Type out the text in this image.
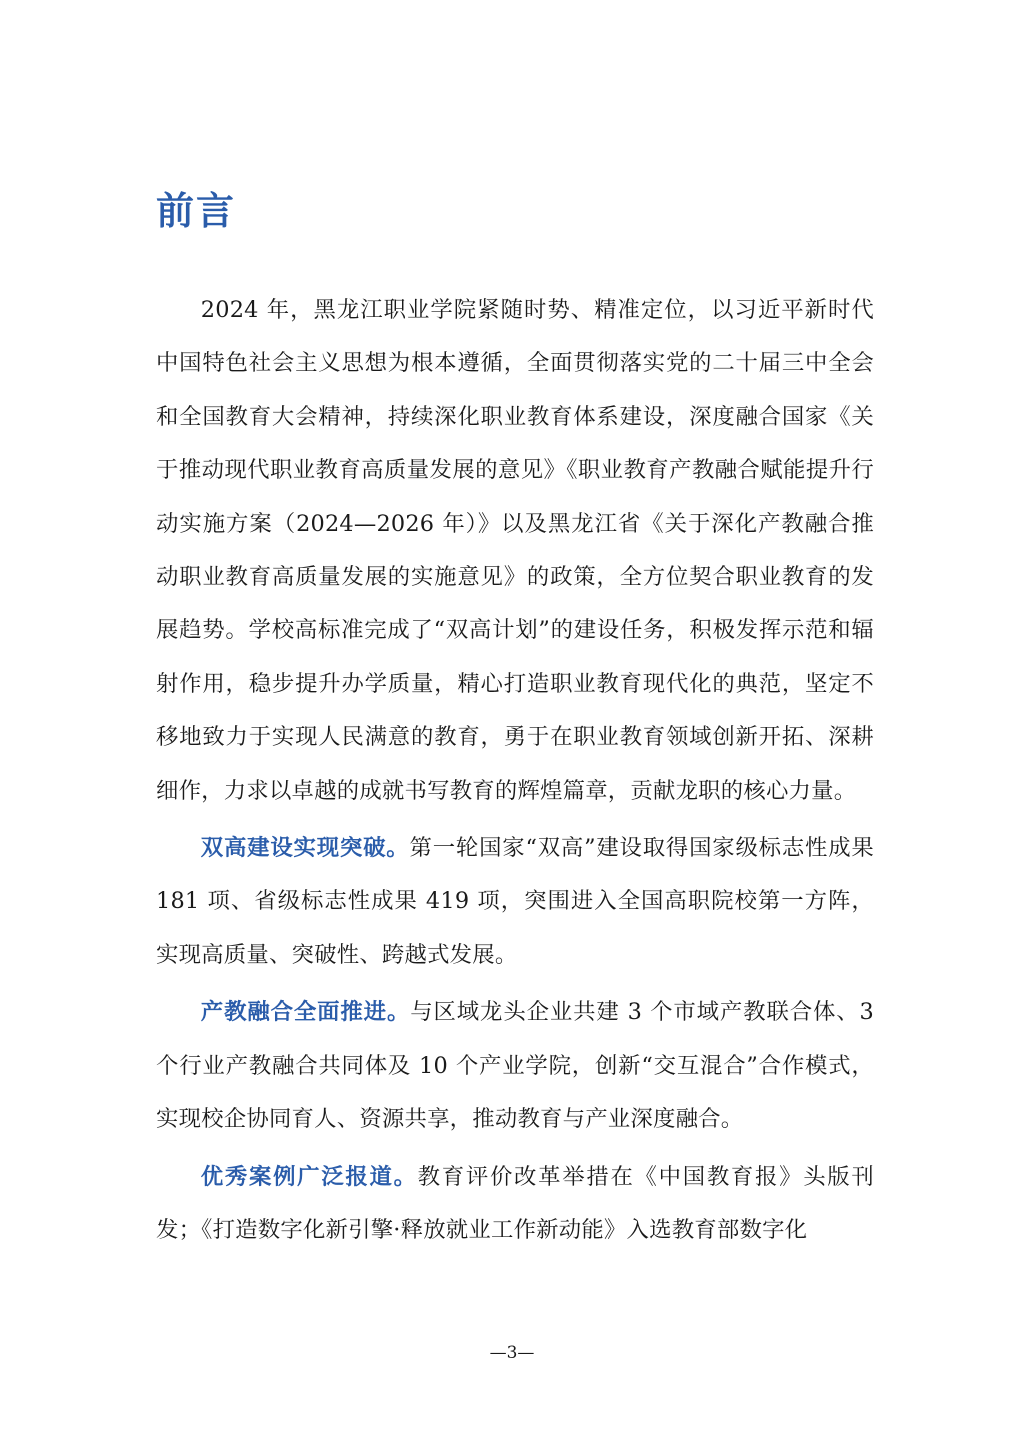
前言

2024 年，黑龙江职业学院紧随时势、精准定位，以习近平新时代中国特色社会主义思想为根本遵循，全面贯彻落实党的二十届三中全会和全国教育大会精神，持续深化职业教育体系建设，深度融合国家《关于推动现代职业教育高质量发展的意见》《职业教育产教融合赋能提升行动实施方案（2024—2026 年）》以及黑龙江省《关于深化产教融合推动职业教育高质量发展的实施意见》的政策，全方位契合职业教育的发展趋势。学校高标准完成了“双高计划”的建设任务，积极发挥示范和辐射作用，稳步提升办学质量，精心打造职业教育现代化的典范，坚定不移地致力于实现人民满意的教育，勇于在职业教育领域创新开拓、深耕细作，力求以卓越的成就书写教育的辉煌篇章，贡献龙职的核心力量。

双高建设实现突破。第一轮国家“双高”建设取得国家级标志性成果 181 项、省级标志性成果 419 项，突围进入全国高职院校第一方阵，实现高质量、突破性、跨越式发展。

产教融合全面推进。与区域龙头企业共建 3 个市域产教联合体、3 个行业产教融合共同体及 10 个产业学院，创新“交互混合”合作模式，实现校企协同育人、资源共享，推动教育与产业深度融合。

优秀案例广泛报道。教育评价改革举措在《中国教育报》头版刊发；《打造数字化新引擎·释放就业工作新动能》入选教育部数字化

—3—
